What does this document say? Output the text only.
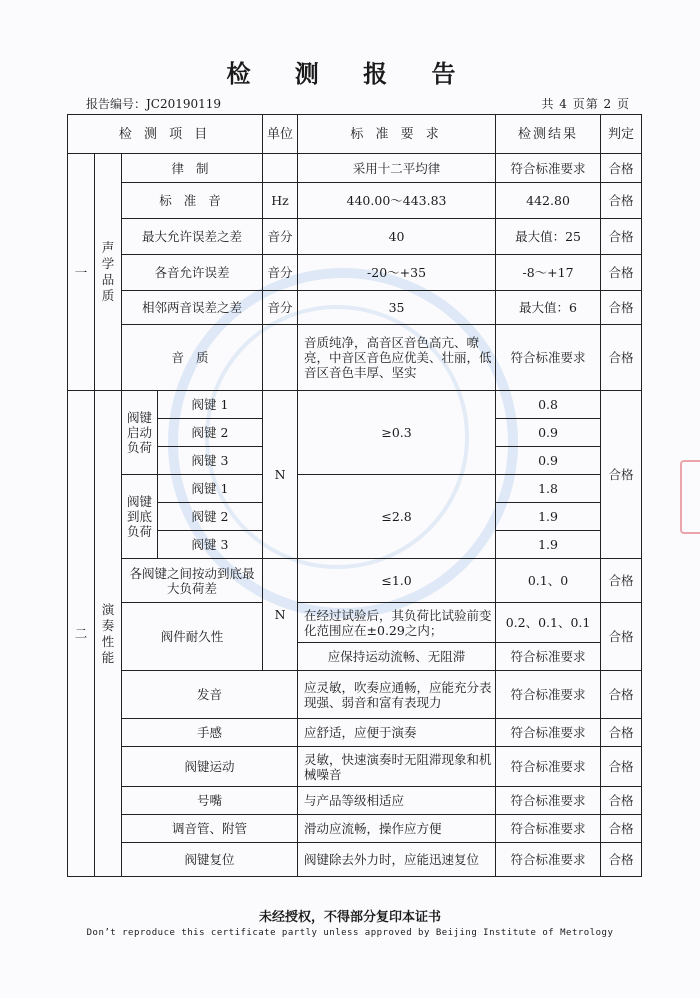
检 测 报 告
报告编号：JC20190119	共 4 页第 2 页
检 测 项 目				单位	标 准 要 求	检测结果	判定
一	声学品质	律 制			采用十二平均律	符合标准要求	合格
		标 准 音		Hz	440.00～443.83	442.80	合格
		最大允许误差之差		音分	40	最大值：25	合格
		各音允许误差		音分	-20～+35	-8～+17	合格
		相邻两音误差之差		音分	35	最大值：6	合格
		音 质			音质纯净，高音区音色高亢、嘹亮，中音区音色应优美、壮丽，低音区音色丰厚、坚实	符合标准要求	合格
二	演奏性能	阀键启动负荷	阀键 1	N	≥0.3	0.8	合格
			阀键 2			0.9	
			阀键 3			0.9	
		阀键到底负荷	阀键 1		≤2.8	1.8	
			阀键 2			1.9	
			阀键 3			1.9	
		各阀键之间按动到底最大负荷差		N	≤1.0	0.1、0	合格
		阀件耐久性			在经过试验后，其负荷比试验前变化范围应在±0.29之内；	0.2、0.1、0.1	合格
					应保持运动流畅、无阻滞	符合标准要求	
		发音			应灵敏，吹奏应通畅，应能充分表现强、弱音和富有表现力	符合标准要求	合格
		手感			应舒适，应便于演奏	符合标准要求	合格
		阀键运动			灵敏，快速演奏时无阻滞现象和机械噪音	符合标准要求	合格
		号嘴			与产品等级相适应	符合标准要求	合格
		调音管、附管			滑动应流畅，操作应方便	符合标准要求	合格
		阀键复位			阀键除去外力时，应能迅速复位	符合标准要求	合格
未经授权，不得部分复印本证书
Don’t reproduce this certificate partly unless approved by Beijing Institute of Metrology
